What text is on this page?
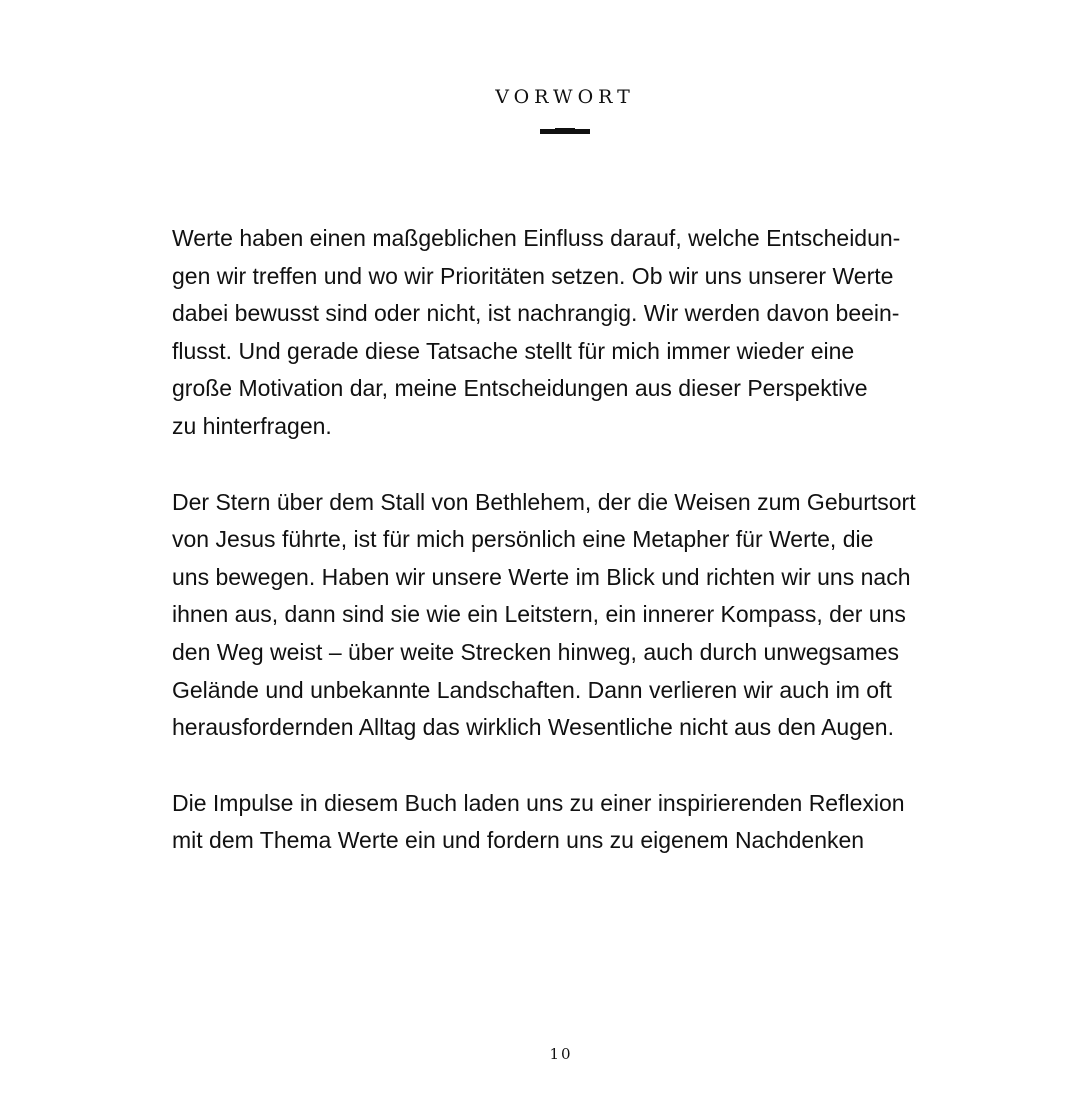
VORWORT
Werte haben einen maßgeblichen Einfluss darauf, welche Entscheidun-
gen wir treffen und wo wir Prioritäten setzen. Ob wir uns unserer Werte
dabei bewusst sind oder nicht, ist nachrangig. Wir werden davon beein-
flusst. Und gerade diese Tatsache stellt für mich immer wieder eine
große Motivation dar, meine Entscheidungen aus dieser Perspektive
zu hinterfragen.
Der Stern über dem Stall von Bethlehem, der die Weisen zum Geburtsort
von Jesus führte, ist für mich persönlich eine Metapher für Werte, die
uns bewegen. Haben wir unsere Werte im Blick und richten wir uns nach
ihnen aus, dann sind sie wie ein Leitstern, ein innerer Kompass, der uns
den Weg weist – über weite Strecken hinweg, auch durch unwegsames
Gelände und unbekannte Landschaften. Dann verlieren wir auch im oft
herausfordernden Alltag das wirklich Wesentliche nicht aus den Augen.
Die Impulse in diesem Buch laden uns zu einer inspirierenden Reflexion
mit dem Thema Werte ein und fordern uns zu eigenem Nachdenken
10
